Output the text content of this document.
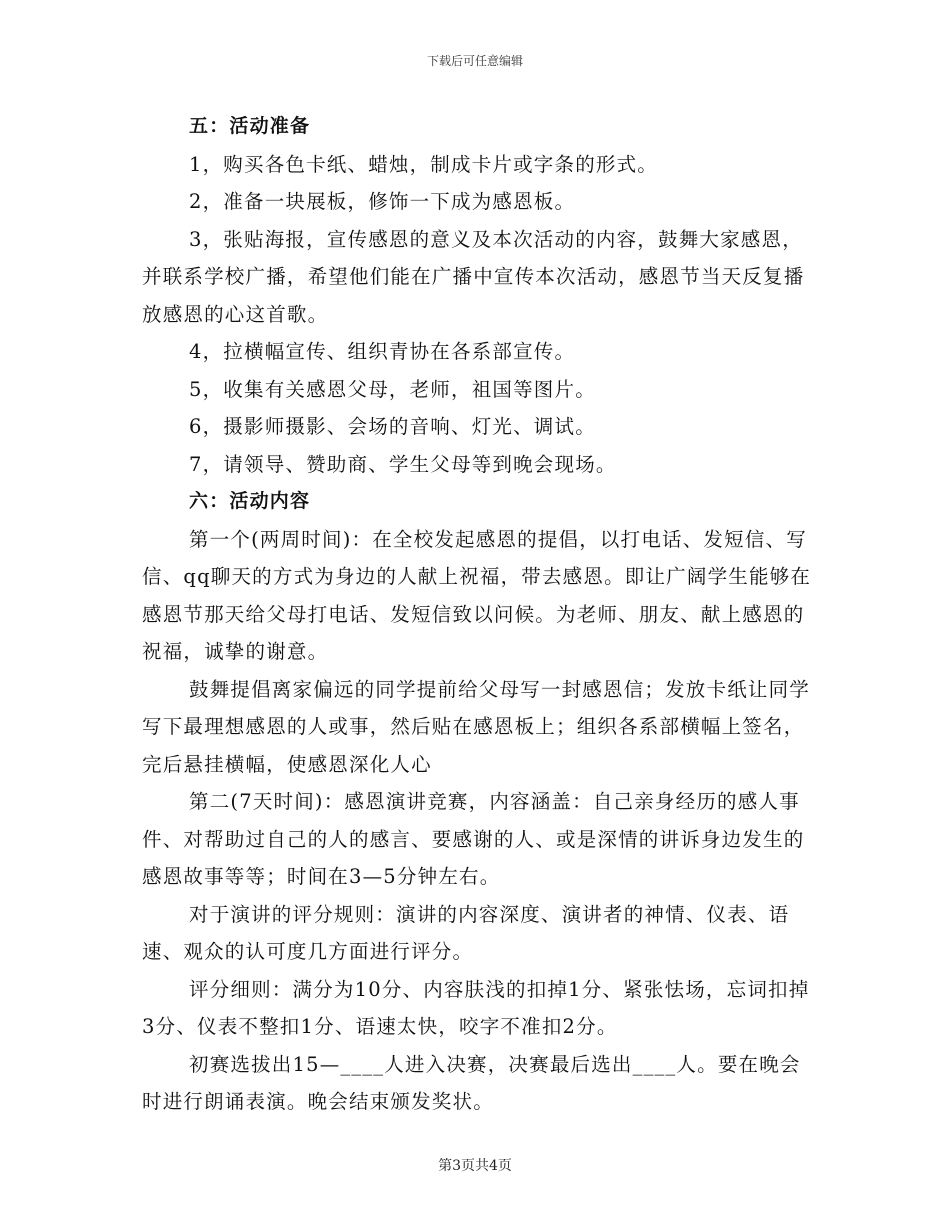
下载后可任意编辑

五：活动准备

1，购买各色卡纸、蜡烛，制成卡片或字条的形式。

2，准备一块展板，修饰一下成为感恩板。

3，张贴海报，宣传感恩的意义及本次活动的内容，鼓舞大家感恩，并联系学校广播，希望他们能在广播中宣传本次活动，感恩节当天反复播放感恩的心这首歌。

4，拉横幅宣传、组织青协在各系部宣传。

5，收集有关感恩父母，老师，祖国等图片。

6，摄影师摄影、会场的音响、灯光、调试。

7，请领导、赞助商、学生父母等到晚会现场。

六：活动内容

第一个(两周时间)：在全校发起感恩的提倡，以打电话、发短信、写信、qq聊天的方式为身边的人献上祝福，带去感恩。即让广阔学生能够在感恩节那天给父母打电话、发短信致以问候。为老师、朋友、献上感恩的祝福，诚挚的谢意。

鼓舞提倡离家偏远的同学提前给父母写一封感恩信；发放卡纸让同学写下最理想感恩的人或事，然后贴在感恩板上；组织各系部横幅上签名，完后悬挂横幅，使感恩深化人心

第二(7天时间)：感恩演讲竞赛，内容涵盖：自己亲身经历的感人事件、对帮助过自己的人的感言、要感谢的人、或是深情的讲诉身边发生的感恩故事等等；时间在3—5分钟左右。

对于演讲的评分规则：演讲的内容深度、演讲者的神情、仪表、语速、观众的认可度几方面进行评分。

评分细则：满分为10分、内容肤浅的扣掉1分、紧张怯场，忘词扣掉3分、仪表不整扣1分、语速太快，咬字不准扣2分。

初赛选拔出15—____人进入决赛，决赛最后选出____人。要在晚会时进行朗诵表演。晚会结束颁发奖状。

第3页共4页
